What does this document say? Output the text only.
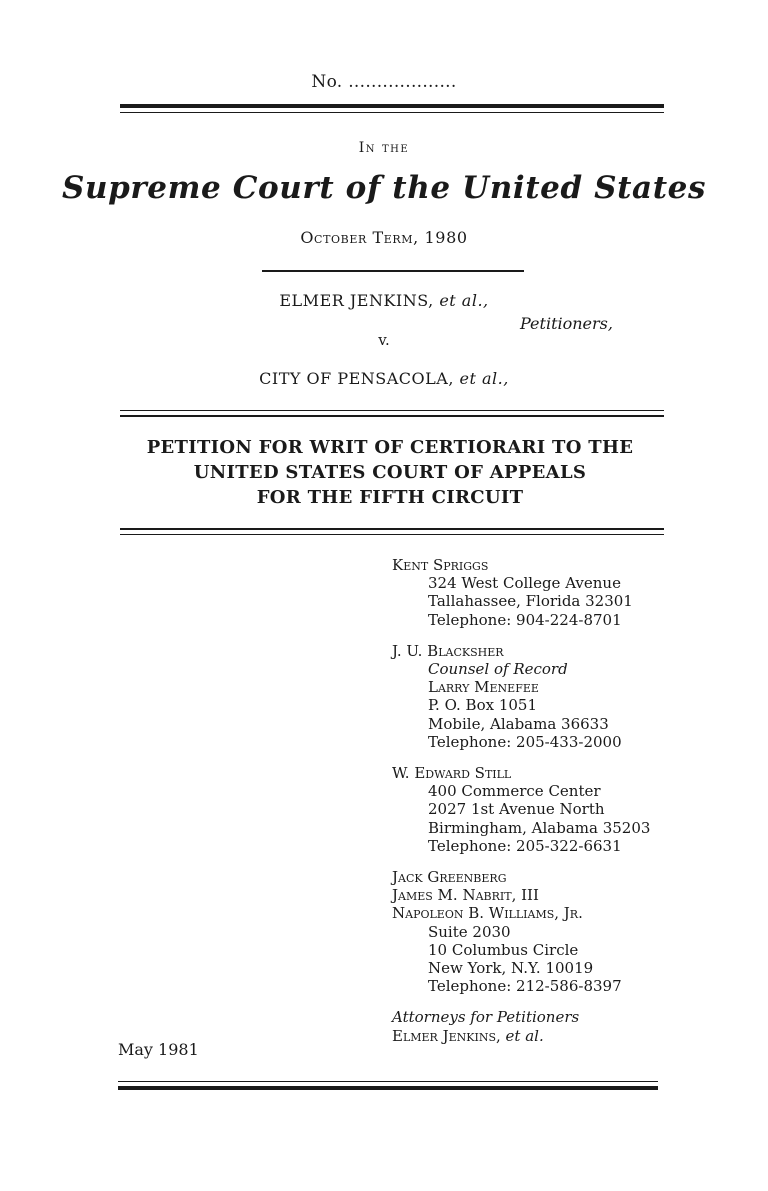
No. ...................
In the
Supreme Court of the United States
October Term, 1980
ELMER JENKINS, et al.,
Petitioners,
v.
CITY OF PENSACOLA, et al.,
PETITION FOR WRIT OF CERTIORARI TO THE
UNITED STATES COURT OF APPEALS
FOR THE FIFTH CIRCUIT
Kent Spriggs
324 West College Avenue
Tallahassee, Florida 32301
Telephone: 904-224-8701
J. U. Blacksher
Counsel of Record
Larry Menefee
P. O. Box 1051
Mobile, Alabama 36633
Telephone: 205-433-2000
W. Edward Still
400 Commerce Center
2027 1st Avenue North
Birmingham, Alabama 35203
Telephone: 205-322-6631
Jack Greenberg
James M. Nabrit, III
Napoleon B. Williams, Jr.
Suite 2030
10 Columbus Circle
New York, N.Y. 10019
Telephone: 212-586-8397
Attorneys for Petitioners
Elmer Jenkins, et al.
May 1981
